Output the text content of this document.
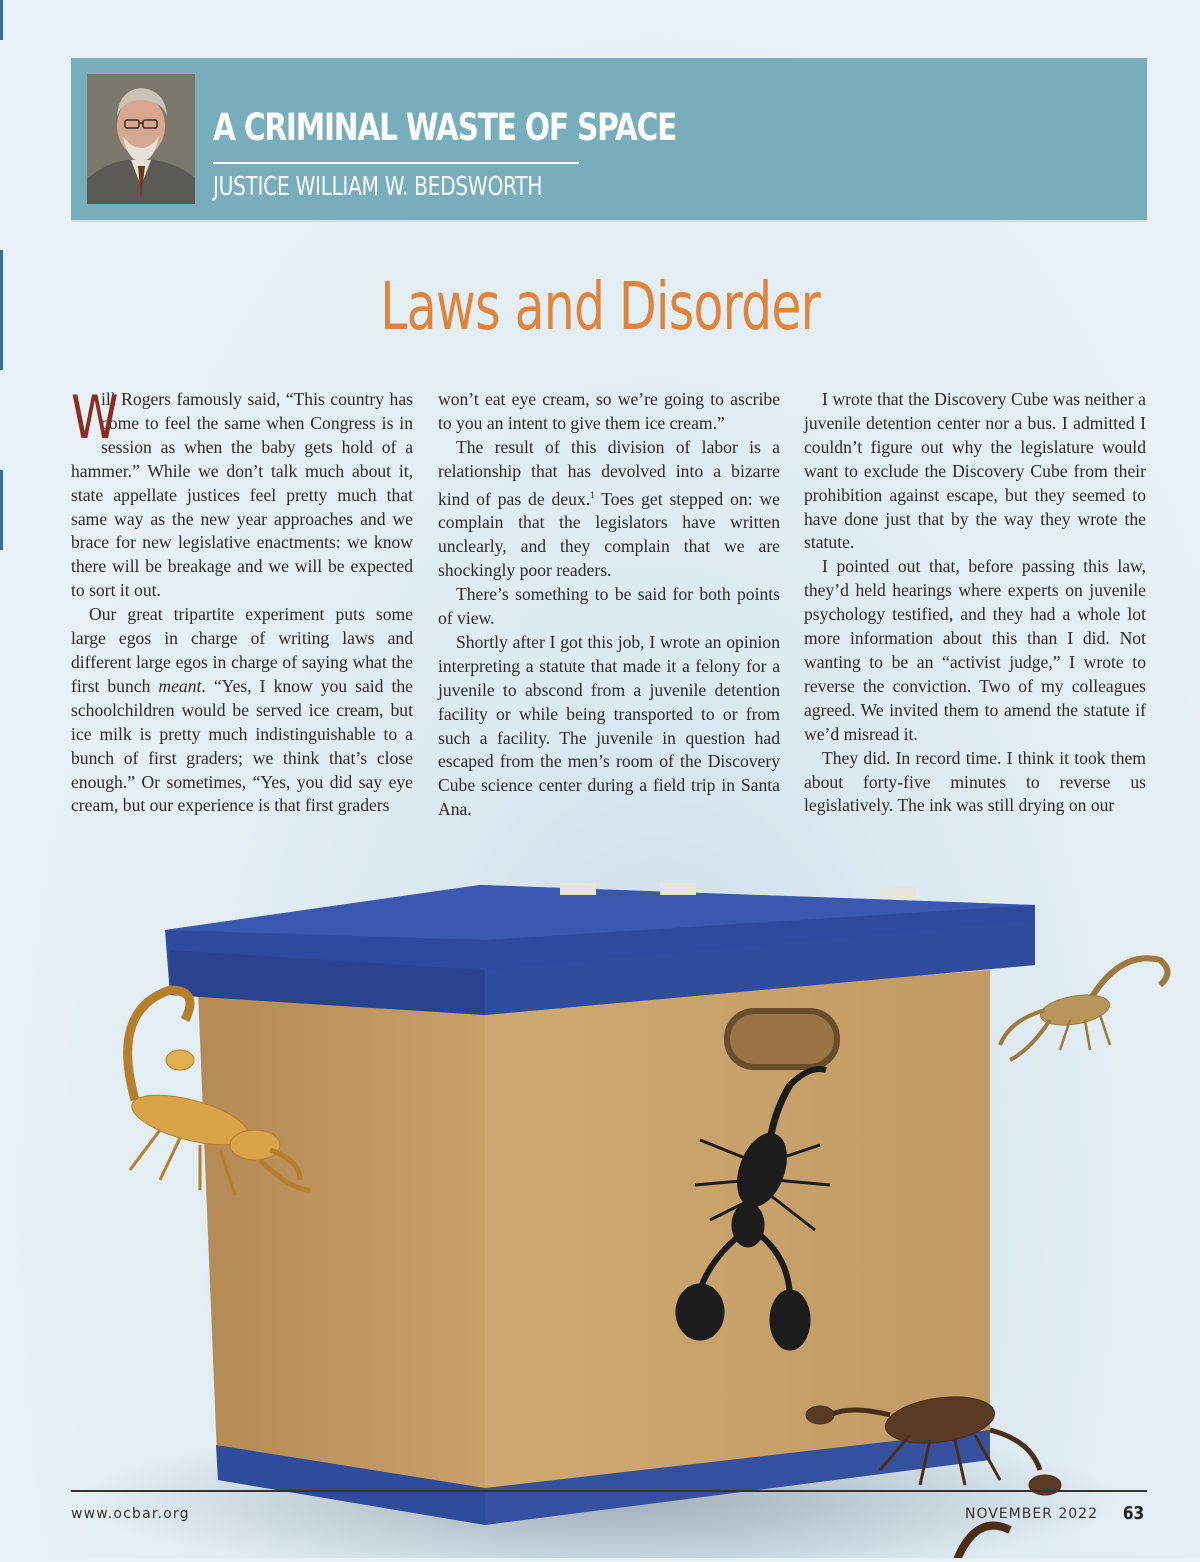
A CRIMINAL WASTE OF SPACE
JUSTICE WILLIAM W. BEDSWORTH
Laws and Disorder

W
ill Rogers famously said, “This country has come to feel the same when Congress is in session as when the baby gets hold of a hammer.” While we don’t talk much about it, state appellate justices feel pretty much that same way as the new year approaches and we brace for new legislative enactments: we know there will be breakage and we will be expected to sort it out.

Our great tripartite experiment puts some large egos in charge of writing laws and different large egos in charge of saying what the first bunch meant. “Yes, I know you said the schoolchildren would be served ice cream, but ice milk is pretty much indistinguishable to a bunch of first graders; we think that’s close enough.” Or sometimes, “Yes, you did say eye cream, but our experience is that first graders

won’t eat eye cream, so we’re going to ascribe to you an intent to give them ice cream.”

The result of this division of labor is a relationship that has devolved into a bizarre kind of pas de deux.$^1$ Toes get stepped on: we complain that the legislators have written unclearly, and they complain that we are shockingly poor readers.

There’s something to be said for both points of view.

Shortly after I got this job, I wrote an opinion interpreting a statute that made it a felony for a juvenile to abscond from a juvenile detention facility or while being transported to or from such a facility. The juvenile in question had escaped from the men’s room of the Discovery Cube science center during a field trip in Santa Ana.

I wrote that the Discovery Cube was neither a juvenile detention center nor a bus. I admitted I couldn’t figure out why the legislature would want to exclude the Discovery Cube from their prohibition against escape, but they seemed to have done just that by the way they wrote the statute.

I pointed out that, before passing this law, they’d held hearings where experts on juvenile psychology testified, and they had a whole lot more information about this than I did. Not wanting to be an “activist judge,” I wrote to reverse the conviction. Two of my colleagues agreed. We invited them to amend the statute if we’d misread it.

They did. In record time. I think it took them about forty-five minutes to reverse us legislatively. The ink was still drying on our

www.ocbar.org	NOVEMBER 2022 63
